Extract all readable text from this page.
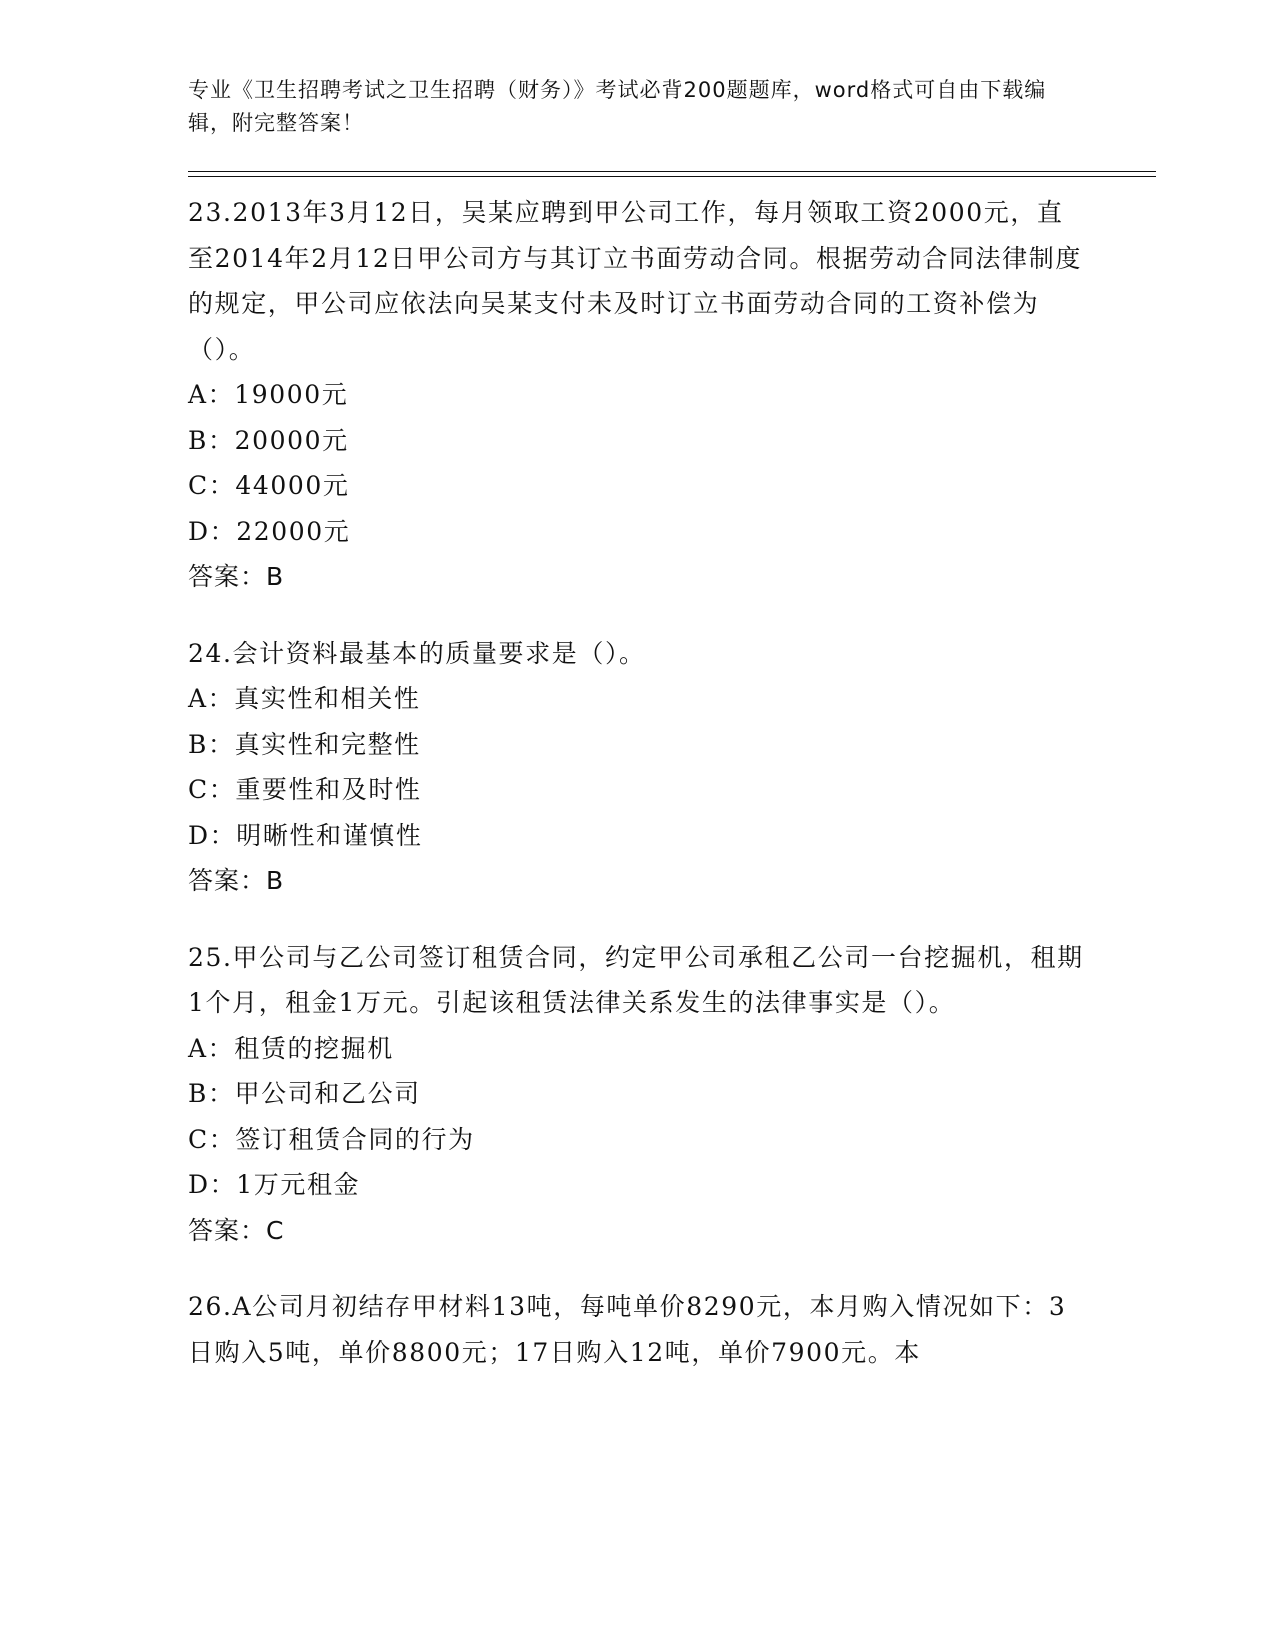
专业《卫生招聘考试之卫生招聘（财务）》考试必背200题题库，word格式可自由下载编辑，附完整答案！
23.2013年3月12日，吴某应聘到甲公司工作，每月领取工资2000元，直至2014年2月12日甲公司方与其订立书面劳动合同。根据劳动合同法律制度的规定，甲公司应依法向吴某支付未及时订立书面劳动合同的工资补偿为（）。
A：19000元
B：20000元
C：44000元
D：22000元
答案：B
24.会计资料最基本的质量要求是（）。
A：真实性和相关性
B：真实性和完整性
C：重要性和及时性
D：明晰性和谨慎性
答案：B
25.甲公司与乙公司签订租赁合同，约定甲公司承租乙公司一台挖掘机，租期1个月，租金1万元。引起该租赁法律关系发生的法律事实是（）。
A：租赁的挖掘机
B：甲公司和乙公司
C：签订租赁合同的行为
D：1万元租金
答案：C
26.A公司月初结存甲材料13吨，每吨单价8290元，本月购入情况如下：3日购入5吨，单价8800元；17日购入12吨，单价7900元。本
